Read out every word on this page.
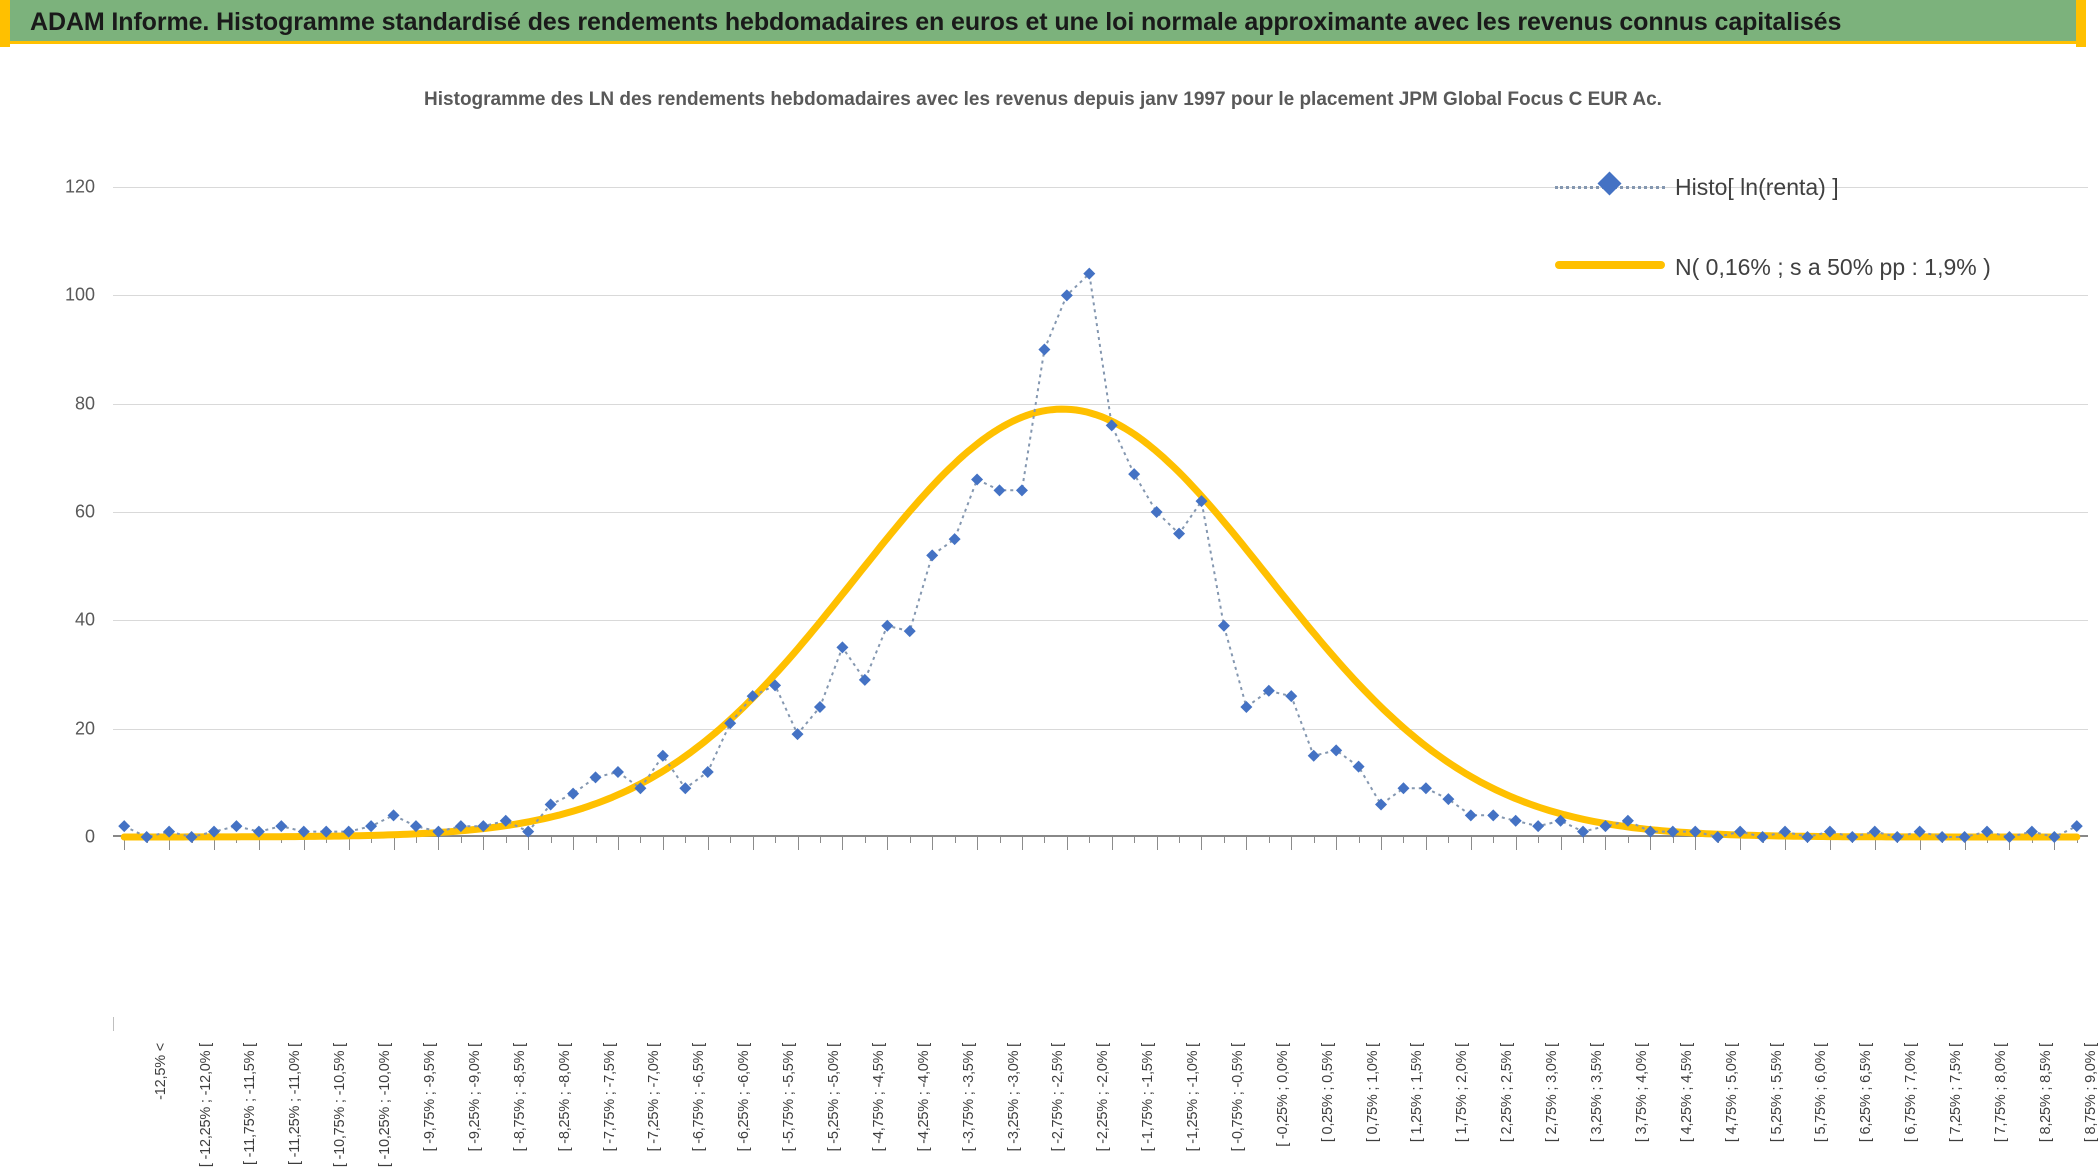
ADAM Informe. Histogramme standardisé des rendements hebdomadaires en euros et une loi normale approximante avec les revenus connus capitalisés
Histogramme des LN des rendements hebdomadaires avec les revenus depuis janv 1997 pour le placement JPM Global Focus C EUR Ac.
0
20
40
60
80
100
120
-12,5% < [ -12,25% ; -12,0% [ [ -11,75% ; -11,5% [ [ -11,25% ; -11,0% [ [ -10,75% ; -10,5% [ [ -10,25% ; -10,0% [ [ -9,75% ; -9,5% [ [ -9,25% ; -9,0% [ [ -8,75% ; -8,5% [ [ -8,25% ; -8,0% [ [ -7,75% ; -7,5% [ [ -7,25% ; -7,0% [ [ -6,75% ; -6,5% [ [ -6,25% ; -6,0% [ [ -5,75% ; -5,5% [ [ -5,25% ; -5,0% [ [ -4,75% ; -4,5% [ [ -4,25% ; -4,0% [ [ -3,75% ; -3,5% [ [ -3,25% ; -3,0% [ [ -2,75% ; -2,5% [ [ -2,25% ; -2,0% [ [ -1,75% ; -1,5% [ [ -1,25% ; -1,0% [ [ -0,75% ; -0,5% [ [ -0,25% ; 0,0% [ [ 0,25% ; 0,5% [ [ 0,75% ; 1,0% [ [ 1,25% ; 1,5% [ [ 1,75% ; 2,0% [ [ 2,25% ; 2,5% [ [ 2,75% ; 3,0% [ [ 3,25% ; 3,5% [ [ 3,75% ; 4,0% [ [ 4,25% ; 4,5% [ [ 4,75% ; 5,0% [ [ 5,25% ; 5,5% [ [ 5,75% ; 6,0% [ [ 6,25% ; 6,5% [ [ 6,75% ; 7,0% [ [ 7,25% ; 7,5% [ [ 7,75% ; 8,0% [ [ 8,25% ; 8,5% [ [ 8,75% ; 9,0% [
Histo[ ln(renta) ]
N( 0,16% ; s a 50% pp : 1,9% )
